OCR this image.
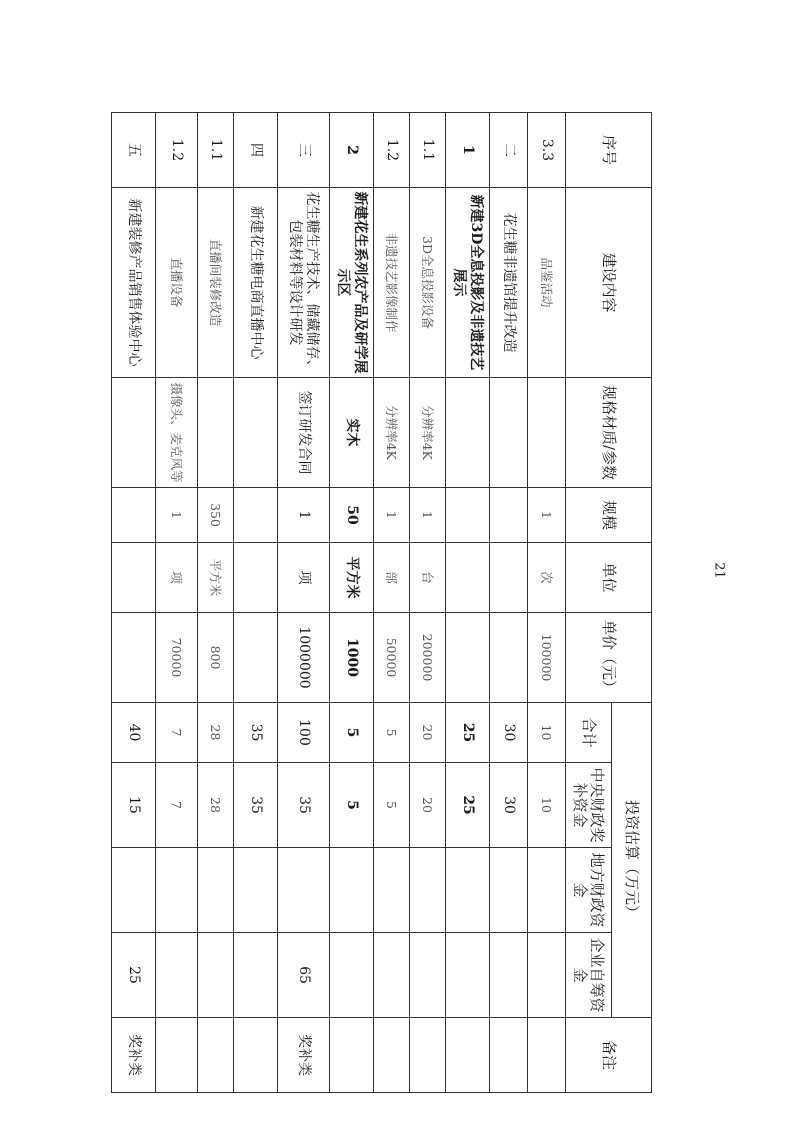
序号	建设内容	规格材质/参数	规模	单位	单价（元）	投资估算（万元）				备注
						合计	中央财政奖补资金	地方财政资金	企业自筹资金	
3.3	品鉴活动		1	次	100000	10	10			
二	花生糖非遗馆提升改造					30	30			
1	新建3D全息投影及非遗技艺展示					25	25			
1.1	3D全息投影设备	分辨率4K	1	台	200000	20	20			
1.2	非遗技艺影像制作	分辨率4K	1	部	50000	5	5			
2	新建花生系列农产品及研学展示区	实木	50	平方米	1000	5	5			
三	花生糖生产技术、储藏储存、包装材料等设计研发	签订研发合同	1	项	1000000	100	35		65	奖补类
四	新建花生糖电商直播中心					35	35			
1.1	直播间装修改造		350	平方米	800	28	28			
1.2	直播设备	摄像头、麦克风等	1	项	70000	7	7			
五	新建装修产品销售体验中心					40	15		25	奖补类
21
